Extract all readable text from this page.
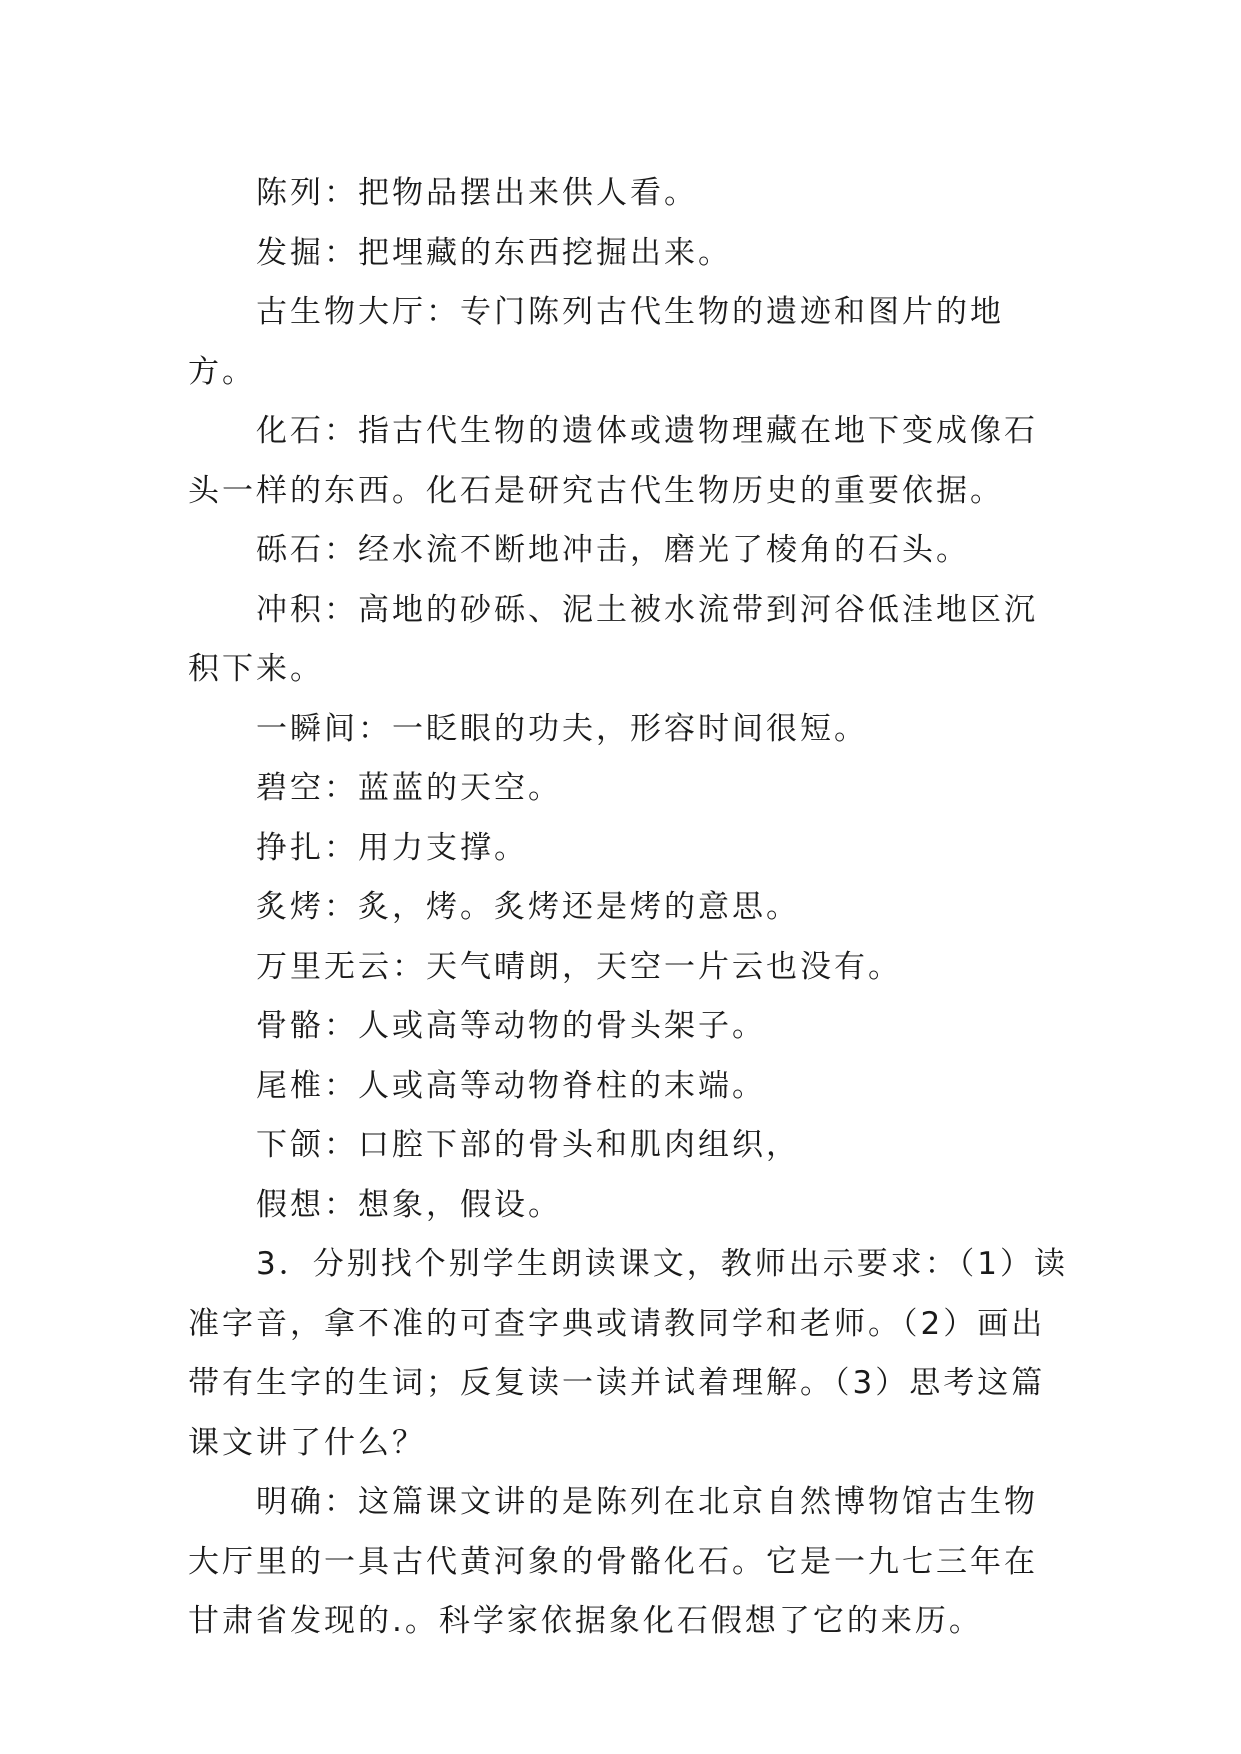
陈列：把物品摆出来供人看。

发掘：把埋藏的东西挖掘出来。

古生物大厅：专门陈列古代生物的遗迹和图片的地方。

化石：指古代生物的遗体或遗物理藏在地下变成像石头一样的东西。化石是研究古代生物历史的重要依据。

砾石：经水流不断地冲击，磨光了棱角的石头。

冲积：高地的砂砾、泥土被水流带到河谷低洼地区沉积下来。

一瞬间：一眨眼的功夫，形容时间很短。

碧空：蓝蓝的天空。

挣扎：用力支撑。

炙烤：炙，烤。炙烤还是烤的意思。

万里无云：天气晴朗，天空一片云也没有。

骨骼：人或高等动物的骨头架子。

尾椎：人或高等动物脊柱的末端。

下颌：口腔下部的骨头和肌肉组织，

假想：想象，假设。

3．分别找个别学生朗读课文，教师出示要求：（1）读准字音，拿不准的可查字典或请教同学和老师。（2）画出带有生字的生词；反复读一读并试着理解。（3）思考这篇课文讲了什么？

明确：这篇课文讲的是陈列在北京自然博物馆古生物大厅里的一具古代黄河象的骨骼化石。它是一九七三年在甘肃省发现的.。科学家依据象化石假想了它的来历。
